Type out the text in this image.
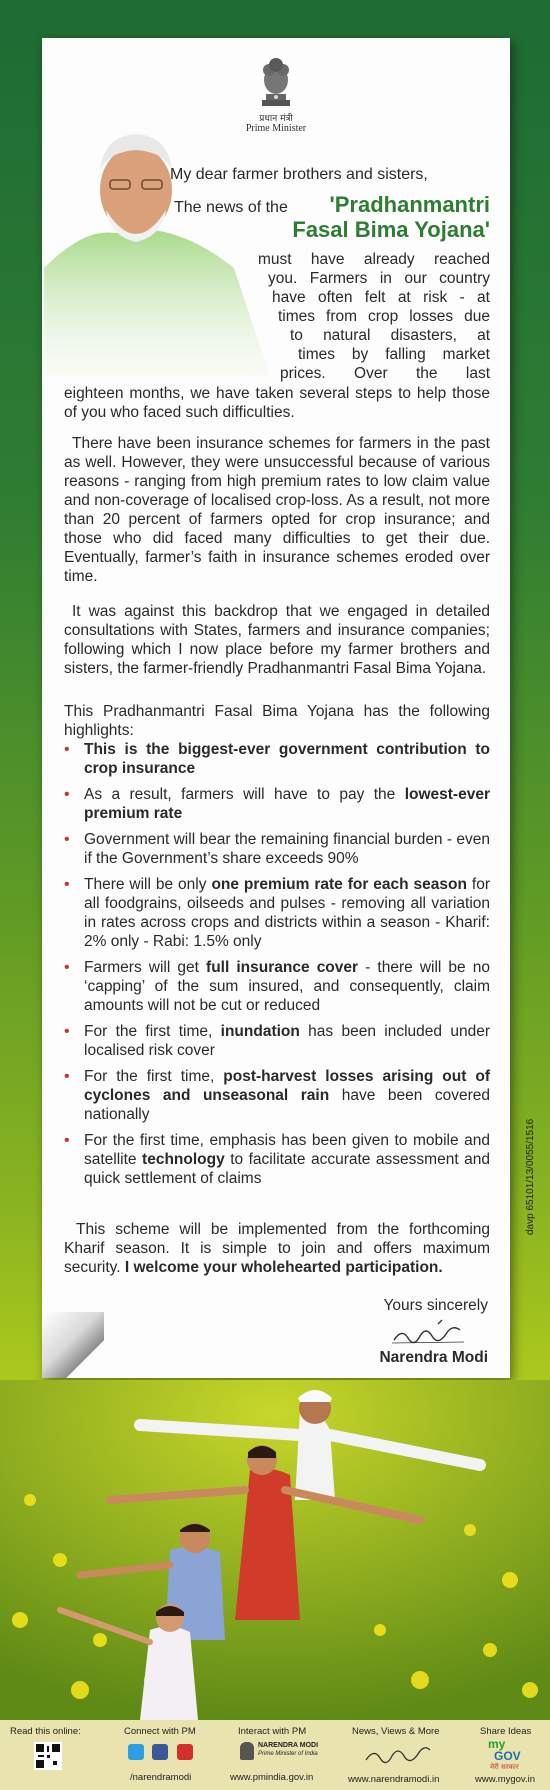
प्रधान मंत्री
Prime Minister
My dear farmer brothers and sisters,
The news of the	'Pradhanmantri
Fasal Bima Yojana'
must have already reached
you. Farmers in our country
have often felt at risk - at
times from crop losses due
to natural disasters, at
times by falling market
prices. Over the last
eighteen months, we have taken several steps to help those of you who faced such difficulties.
There have been insurance schemes for farmers in the past as well. However, they were unsuccessful because of various reasons - ranging from high premium rates to low claim value and non-coverage of localised crop-loss. As a result, not more than 20 percent of farmers opted for crop insurance; and those who did faced many difficulties to get their due. Eventually, farmer’s faith in insurance schemes eroded over time.
It was against this backdrop that we engaged in detailed consultations with States, farmers and insurance companies; following which I now place before my farmer brothers and sisters, the farmer-friendly Pradhanmantri Fasal Bima Yojana.
This Pradhanmantri Fasal Bima Yojana has the following highlights:
• This is the biggest-ever government contribution to crop insurance
• As a result, farmers will have to pay the lowest-ever premium rate
• Government will bear the remaining financial burden - even if the Government’s share exceeds 90%
• There will be only one premium rate for each season for all foodgrains, oilseeds and pulses - removing all variation in rates across crops and districts within a season - Kharif: 2% only - Rabi: 1.5% only
• Farmers will get full insurance cover - there will be no ‘capping’ of the sum insured, and consequently, claim amounts will not be cut or reduced
• For the first time, inundation has been included under localised risk cover
• For the first time, post-harvest losses arising out of cyclones and unseasonal rain have been covered nationally
• For the first time, emphasis has been given to mobile and satellite technology to facilitate accurate assessment and quick settlement of claims
This scheme will be implemented from the forthcoming Kharif season. It is simple to join and offers maximum security. I welcome your wholehearted participation.
Yours sincerely
Narendra Modi
davp 65101/13/0055/1516
Read this online:	Connect with PM

/narendramodi
Interact with PM
NARENDRA MODI
Prime Minister of India
www.pmindia.gov.in
News, Views & More
www.narendramodi.in
Share Ideas
my
GOV
मेरी सरकार
www.mygov.in
